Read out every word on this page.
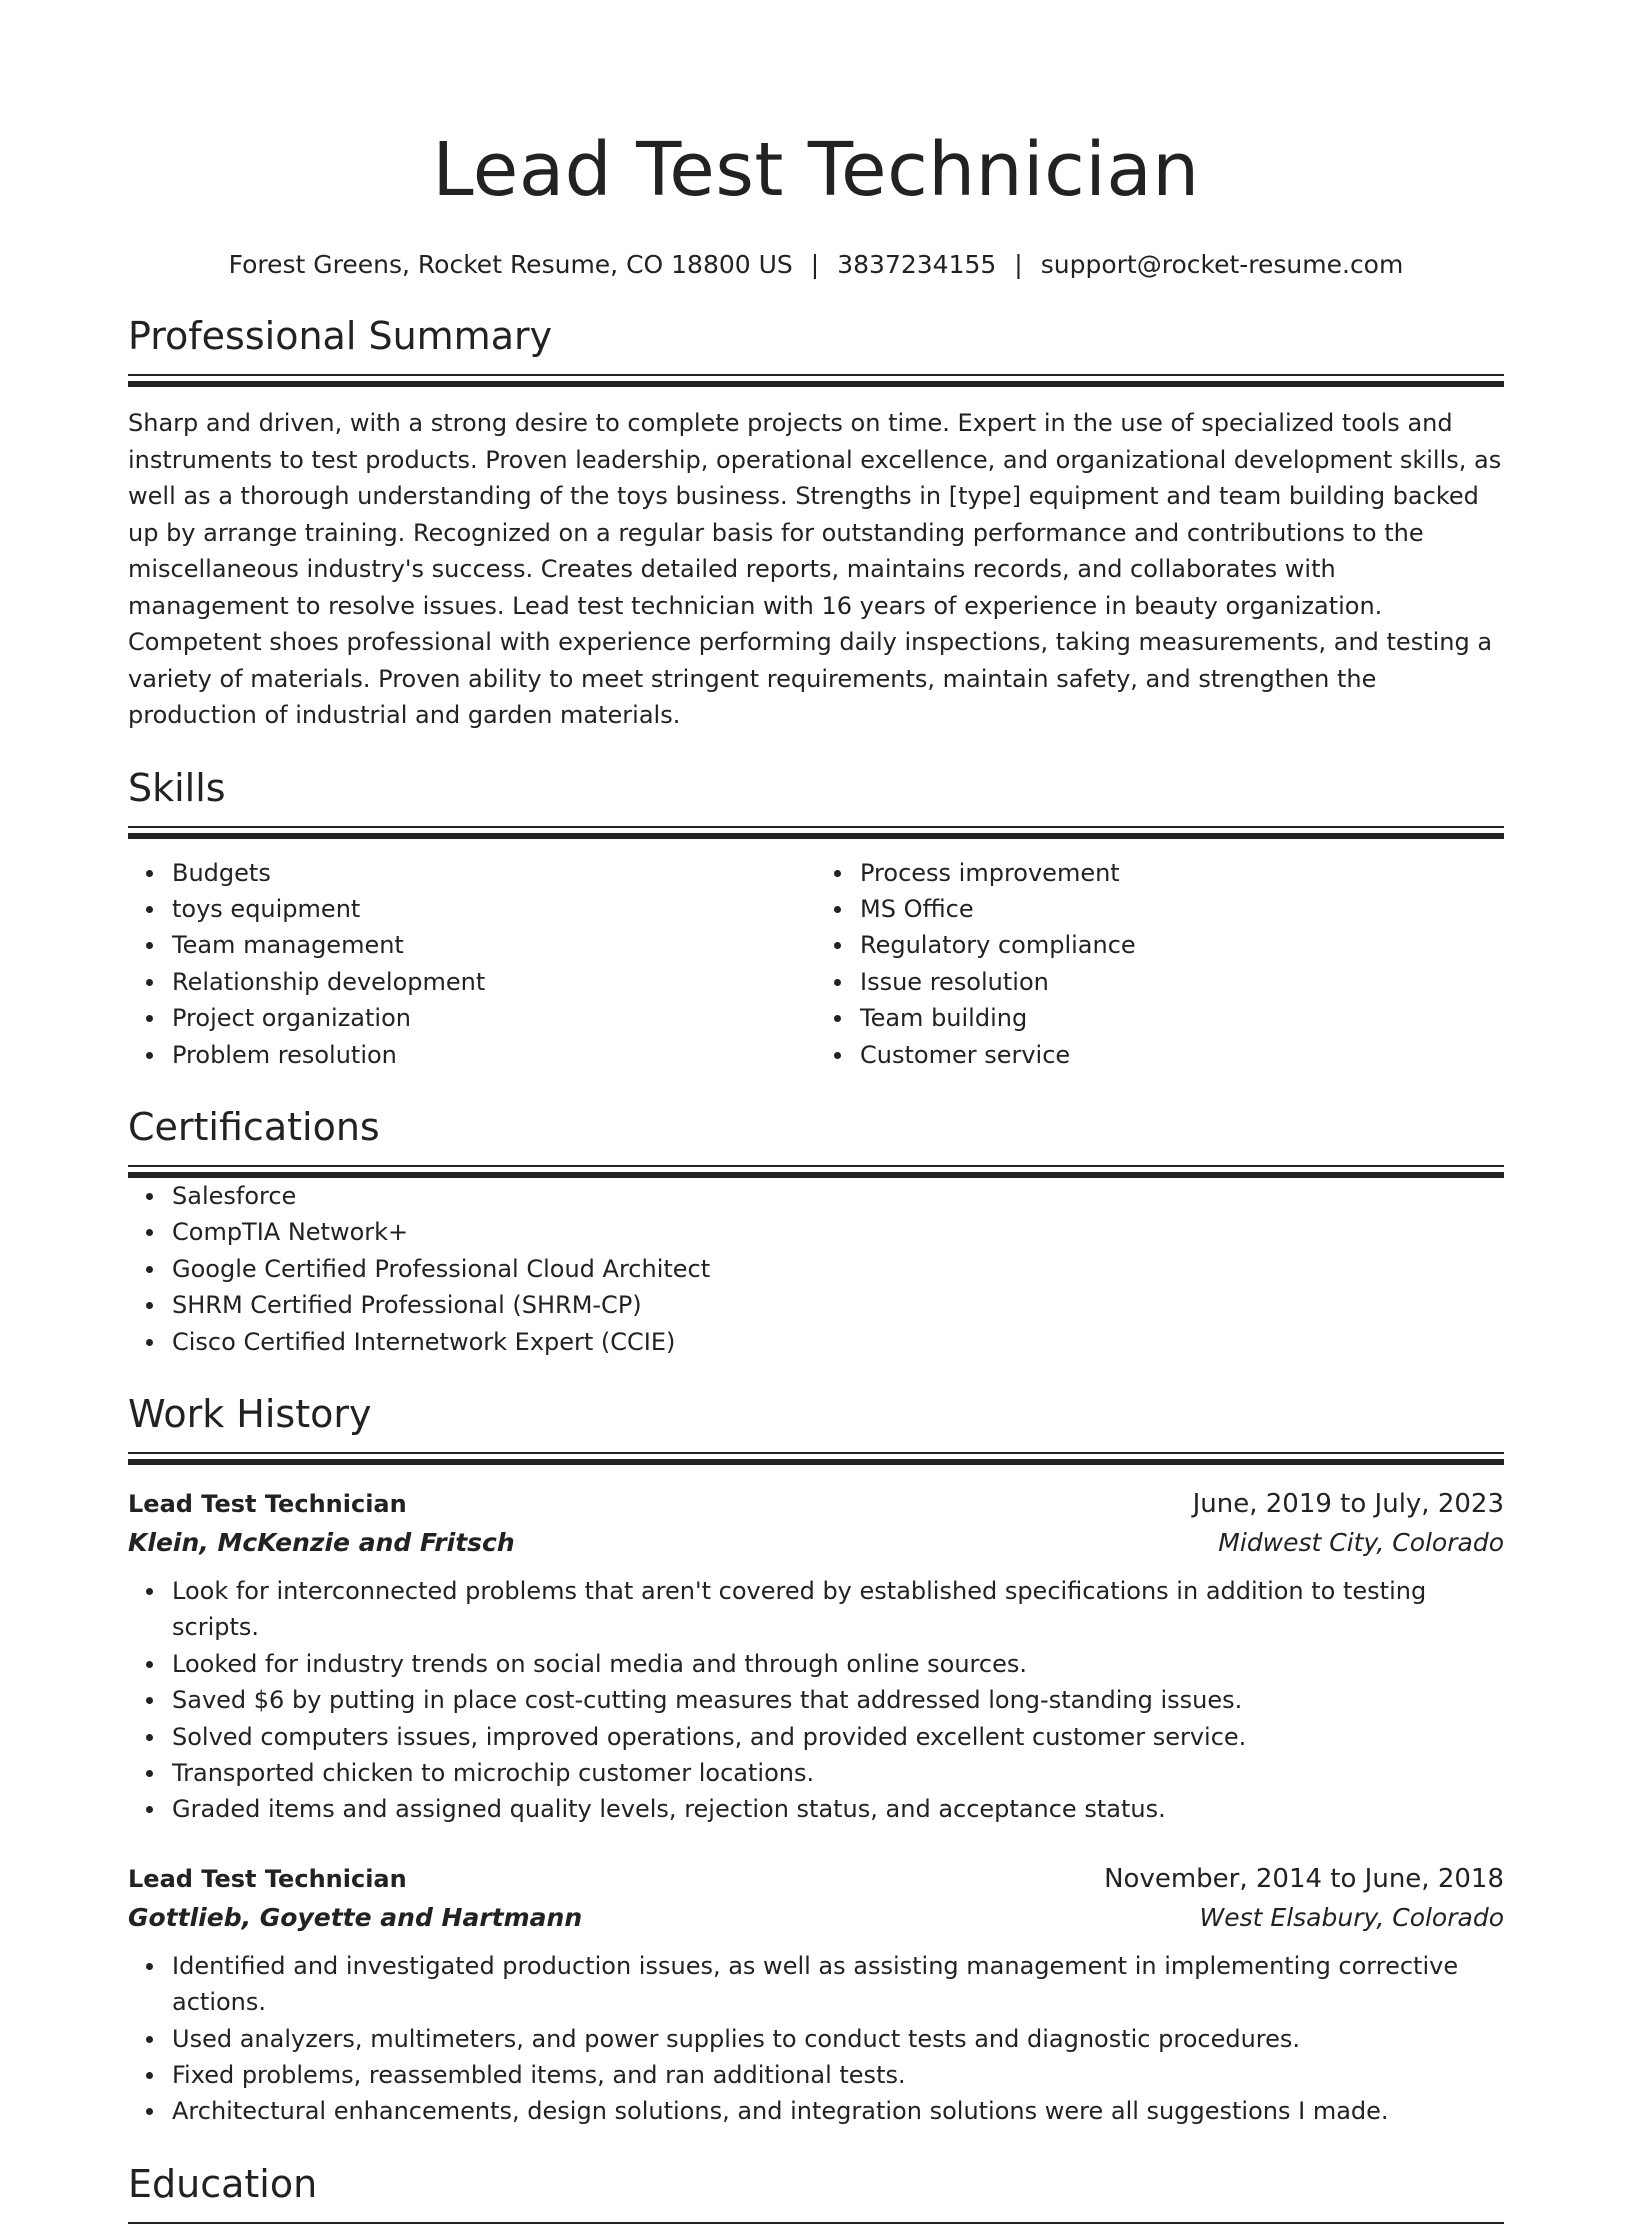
Lead Test Technician
Forest Greens, Rocket Resume, CO 18800 US | 3837234155 | support@rocket-resume.com
Professional Summary
Sharp and driven, with a strong desire to complete projects on time. Expert in the use of specialized tools and instruments to test products. Proven leadership, operational excellence, and organizational development skills, as well as a thorough understanding of the toys business. Strengths in [type] equipment and team building backed up by arrange training. Recognized on a regular basis for outstanding performance and contributions to the miscellaneous industry's success. Creates detailed reports, maintains records, and collaborates with management to resolve issues. Lead test technician with 16 years of experience in beauty organization. Competent shoes professional with experience performing daily inspections, taking measurements, and testing a variety of materials. Proven ability to meet stringent requirements, maintain safety, and strengthen the production of industrial and garden materials.
Skills
Budgets
toys equipment
Team management
Relationship development
Project organization
Problem resolution
Process improvement
MS Office
Regulatory compliance
Issue resolution
Team building
Customer service
Certifications
Salesforce
CompTIA Network+
Google Certified Professional Cloud Architect
SHRM Certified Professional (SHRM-CP)
Cisco Certified Internetwork Expert (CCIE)
Work History
Lead Test Technician	June, 2019 to July, 2023
Klein, McKenzie and Fritsch	Midwest City, Colorado
Look for interconnected problems that aren't covered by established specifications in addition to testing scripts.
Looked for industry trends on social media and through online sources.
Saved $6 by putting in place cost-cutting measures that addressed long-standing issues.
Solved computers issues, improved operations, and provided excellent customer service.
Transported chicken to microchip customer locations.
Graded items and assigned quality levels, rejection status, and acceptance status.
Lead Test Technician	November, 2014 to June, 2018
Gottlieb, Goyette and Hartmann	West Elsabury, Colorado
Identified and investigated production issues, as well as assisting management in implementing corrective actions.
Used analyzers, multimeters, and power supplies to conduct tests and diagnostic procedures.
Fixed problems, reassembled items, and ran additional tests.
Architectural enhancements, design solutions, and integration solutions were all suggestions I made.
Education
